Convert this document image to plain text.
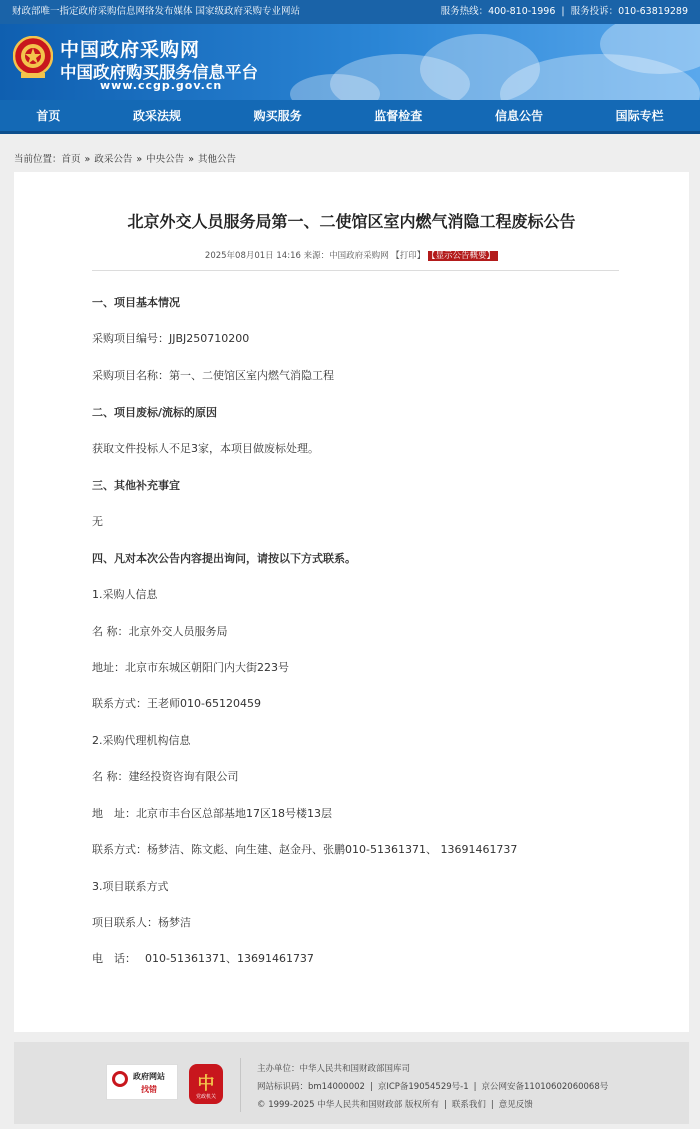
财政部唯一指定政府采购信息网络发布媒体 国家级政府采购专业网站	服务热线：400-810-1996 | 服务投诉：010-63819289
中国政府采购网
中国政府购买服务信息平台
www.ccgp.gov.cn
首页	政采法规	购买服务	监督检查	信息公告	国际专栏
当前位置：首页 » 政采公告 » 中央公告 » 其他公告
北京外交人员服务局第一、二使馆区室内燃气消隐工程废标公告
2025年08月01日 14:16 来源：中国政府采购网 【打印】 【显示公告概要】
一、项目基本情况
采购项目编号：JJBJ250710200
采购项目名称：第一、二使馆区室内燃气消隐工程
二、项目废标/流标的原因
获取文件投标人不足3家，本项目做废标处理。
三、其他补充事宜
无
四、凡对本次公告内容提出询问，请按以下方式联系。
1.采购人信息
名 称：北京外交人员服务局
地址：北京市东城区朝阳门内大街223号
联系方式：王老师010-65120459
2.采购代理机构信息
名 称：建经投资咨询有限公司
地　址：北京市丰台区总部基地17区18号楼13层
联系方式：杨梦洁、陈文彪、向生建、赵金丹、张鹏010-51361371、 13691461737
3.项目联系方式
项目联系人：杨梦洁
电　话：　 010-51361371、13691461737
政府网站
找错	中
党政机关
主办单位：中华人民共和国财政部国库司
网站标识码：bm14000002 | 京ICP备19054529号-1 | 京公网安备11010602060068号
© 1999-2025 中华人民共和国财政部 版权所有 | 联系我们 | 意见反馈
